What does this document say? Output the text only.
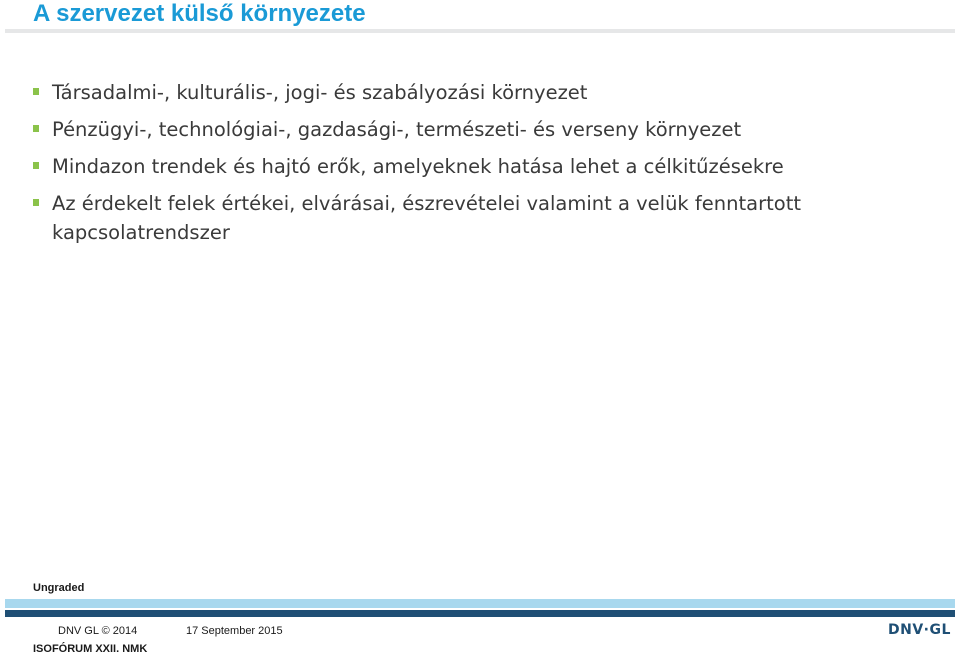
A szervezet külső környezete
Társadalmi-, kulturális-, jogi- és szabályozási környezet
Pénzügyi-, technológiai-, gazdasági-, természeti- és verseny környezet
Mindazon trendek és hajtó erők, amelyeknek hatása lehet a célkitűzésekre
Az érdekelt felek értékei, elvárásai, észrevételei valamint a velük fenntartott kapcsolatrendszer
Ungraded
DNV GL © 2014	17 September 2015
ISOFÓRUM XXII. NMK
DNV·GL
